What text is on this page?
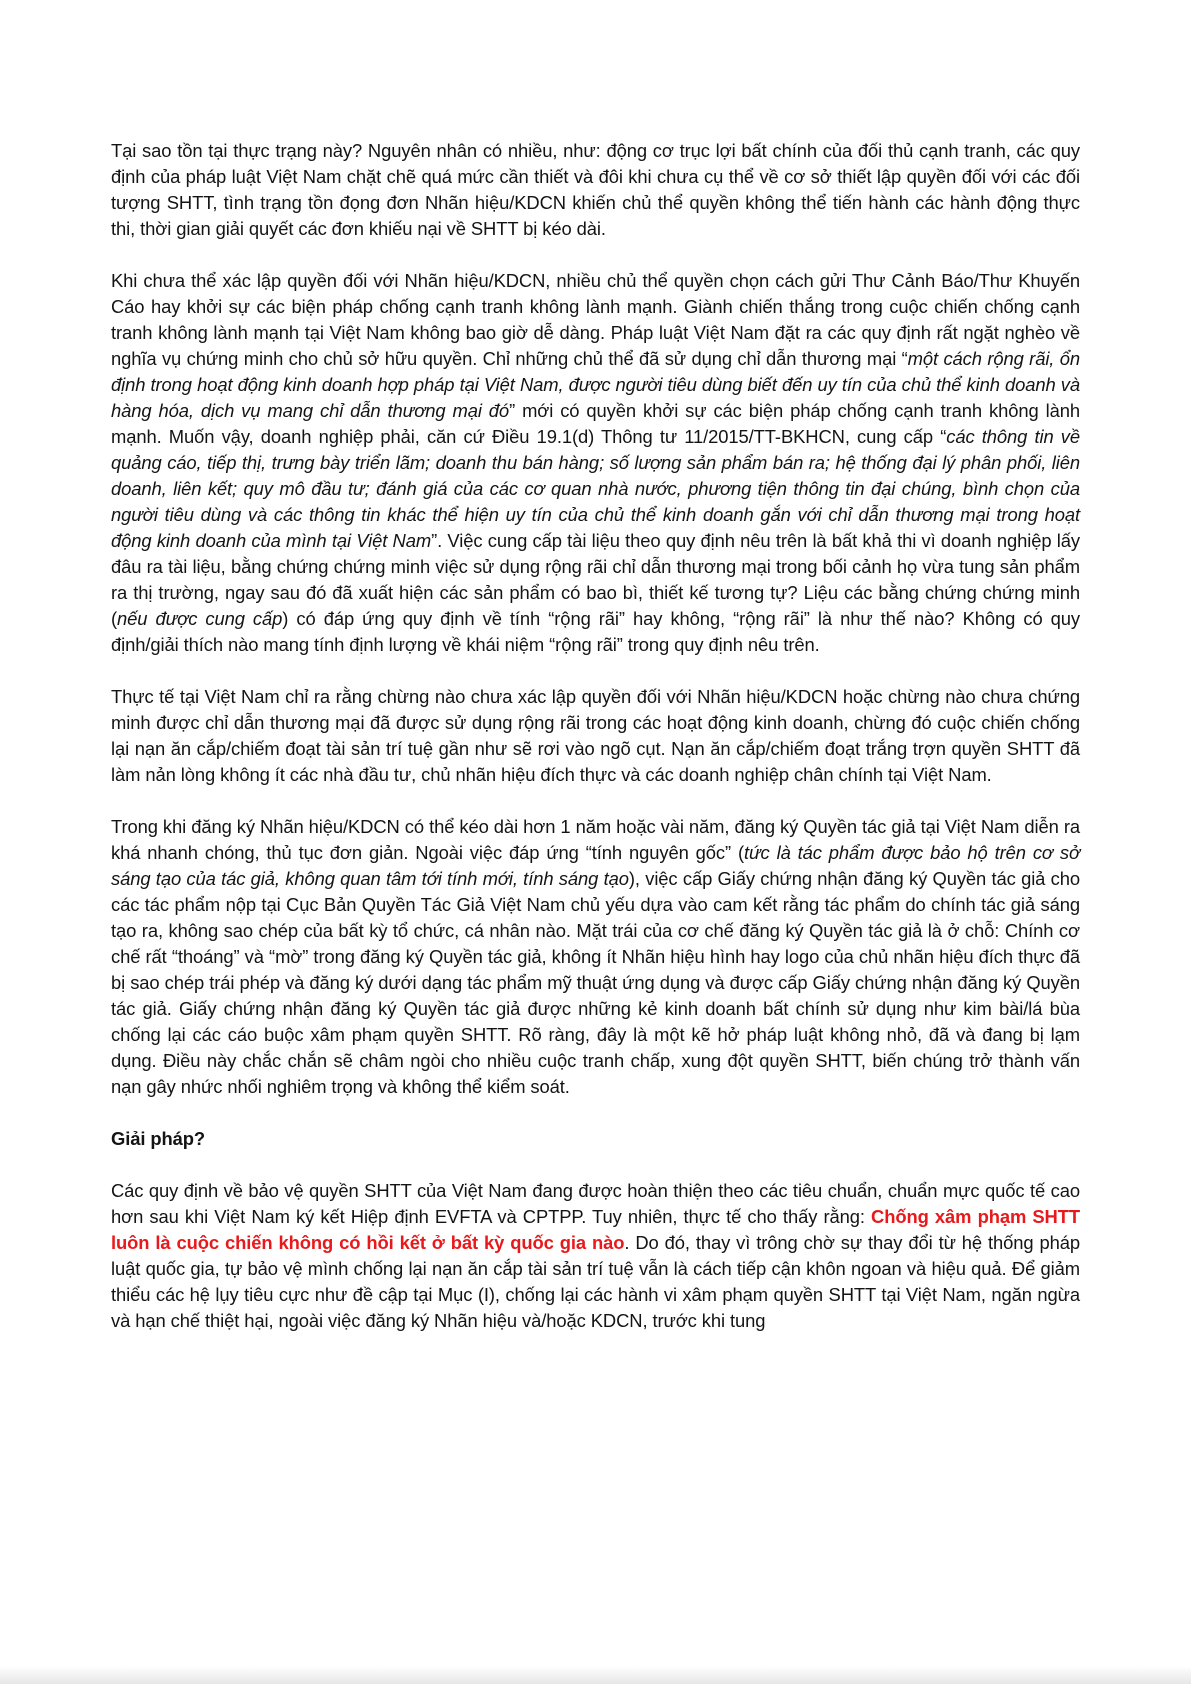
Tại sao tồn tại thực trạng này? Nguyên nhân có nhiều, như: động cơ trục lợi bất chính của đối thủ cạnh tranh, các quy định của pháp luật Việt Nam chặt chẽ quá mức cần thiết và đôi khi chưa cụ thể về cơ sở thiết lập quyền đối với các đối tượng SHTT, tình trạng tồn đọng đơn Nhãn hiệu/KDCN khiến chủ thể quyền không thể tiến hành các hành động thực thi, thời gian giải quyết các đơn khiếu nại về SHTT bị kéo dài.

Khi chưa thể xác lập quyền đối với Nhãn hiệu/KDCN, nhiều chủ thể quyền chọn cách gửi Thư Cảnh Báo/Thư Khuyến Cáo hay khởi sự các biện pháp chống cạnh tranh không lành mạnh. Giành chiến thắng trong cuộc chiến chống cạnh tranh không lành mạnh tại Việt Nam không bao giờ dễ dàng. Pháp luật Việt Nam đặt ra các quy định rất ngặt nghèo về nghĩa vụ chứng minh cho chủ sở hữu quyền. Chỉ những chủ thể đã sử dụng chỉ dẫn thương mại “một cách rộng rãi, ổn định trong hoạt động kinh doanh hợp pháp tại Việt Nam, được người tiêu dùng biết đến uy tín của chủ thể kinh doanh và hàng hóa, dịch vụ mang chỉ dẫn thương mại đó” mới có quyền khởi sự các biện pháp chống cạnh tranh không lành mạnh. Muốn vậy, doanh nghiệp phải, căn cứ Điều 19.1(d) Thông tư 11/2015/TT-BKHCN, cung cấp “các thông tin về quảng cáo, tiếp thị, trưng bày triển lãm; doanh thu bán hàng; số lượng sản phẩm bán ra; hệ thống đại lý phân phối, liên doanh, liên kết; quy mô đầu tư; đánh giá của các cơ quan nhà nước, phương tiện thông tin đại chúng, bình chọn của người tiêu dùng và các thông tin khác thể hiện uy tín của chủ thể kinh doanh gắn với chỉ dẫn thương mại trong hoạt động kinh doanh của mình tại Việt Nam”. Việc cung cấp tài liệu theo quy định nêu trên là bất khả thi vì doanh nghiệp lấy đâu ra tài liệu, bằng chứng chứng minh việc sử dụng rộng rãi chỉ dẫn thương mại trong bối cảnh họ vừa tung sản phẩm ra thị trường, ngay sau đó đã xuất hiện các sản phẩm có bao bì, thiết kế tương tự? Liệu các bằng chứng chứng minh (nếu được cung cấp) có đáp ứng quy định về tính “rộng rãi” hay không, “rộng rãi” là như thế nào? Không có quy định/giải thích nào mang tính định lượng về khái niệm “rộng rãi” trong quy định nêu trên.

Thực tế tại Việt Nam chỉ ra rằng chừng nào chưa xác lập quyền đối với Nhãn hiệu/KDCN hoặc chừng nào chưa chứng minh được chỉ dẫn thương mại đã được sử dụng rộng rãi trong các hoạt động kinh doanh, chừng đó cuộc chiến chống lại nạn ăn cắp/chiếm đoạt tài sản trí tuệ gần như sẽ rơi vào ngõ cụt. Nạn ăn cắp/chiếm đoạt trắng trợn quyền SHTT đã làm nản lòng không ít các nhà đầu tư, chủ nhãn hiệu đích thực và các doanh nghiệp chân chính tại Việt Nam.

Trong khi đăng ký Nhãn hiệu/KDCN có thể kéo dài hơn 1 năm hoặc vài năm, đăng ký Quyền tác giả tại Việt Nam diễn ra khá nhanh chóng, thủ tục đơn giản. Ngoài việc đáp ứng “tính nguyên gốc” (tức là tác phẩm được bảo hộ trên cơ sở sáng tạo của tác giả, không quan tâm tới tính mới, tính sáng tạo), việc cấp Giấy chứng nhận đăng ký Quyền tác giả cho các tác phẩm nộp tại Cục Bản Quyền Tác Giả Việt Nam chủ yếu dựa vào cam kết rằng tác phẩm do chính tác giả sáng tạo ra, không sao chép của bất kỳ tổ chức, cá nhân nào. Mặt trái của cơ chế đăng ký Quyền tác giả là ở chỗ: Chính cơ chế rất “thoáng” và “mờ” trong đăng ký Quyền tác giả, không ít Nhãn hiệu hình hay logo của chủ nhãn hiệu đích thực đã bị sao chép trái phép và đăng ký dưới dạng tác phẩm mỹ thuật ứng dụng và được cấp Giấy chứng nhận đăng ký Quyền tác giả. Giấy chứng nhận đăng ký Quyền tác giả được những kẻ kinh doanh bất chính sử dụng như kim bài/lá bùa chống lại các cáo buộc xâm phạm quyền SHTT. Rõ ràng, đây là một kẽ hở pháp luật không nhỏ, đã và đang bị lạm dụng. Điều này chắc chắn sẽ châm ngòi cho nhiều cuộc tranh chấp, xung đột quyền SHTT, biến chúng trở thành vấn nạn gây nhức nhối nghiêm trọng và không thể kiểm soát.

Giải pháp?

Các quy định về bảo vệ quyền SHTT của Việt Nam đang được hoàn thiện theo các tiêu chuẩn, chuẩn mực quốc tế cao hơn sau khi Việt Nam ký kết Hiệp định EVFTA và CPTPP. Tuy nhiên, thực tế cho thấy rằng: Chống xâm phạm SHTT luôn là cuộc chiến không có hồi kết ở bất kỳ quốc gia nào. Do đó, thay vì trông chờ sự thay đổi từ hệ thống pháp luật quốc gia, tự bảo vệ mình chống lại nạn ăn cắp tài sản trí tuệ vẫn là cách tiếp cận khôn ngoan và hiệu quả. Để giảm thiểu các hệ lụy tiêu cực như đề cập tại Mục (I), chống lại các hành vi xâm phạm quyền SHTT tại Việt Nam, ngăn ngừa và hạn chế thiệt hại, ngoài việc đăng ký Nhãn hiệu và/hoặc KDCN, trước khi tung
